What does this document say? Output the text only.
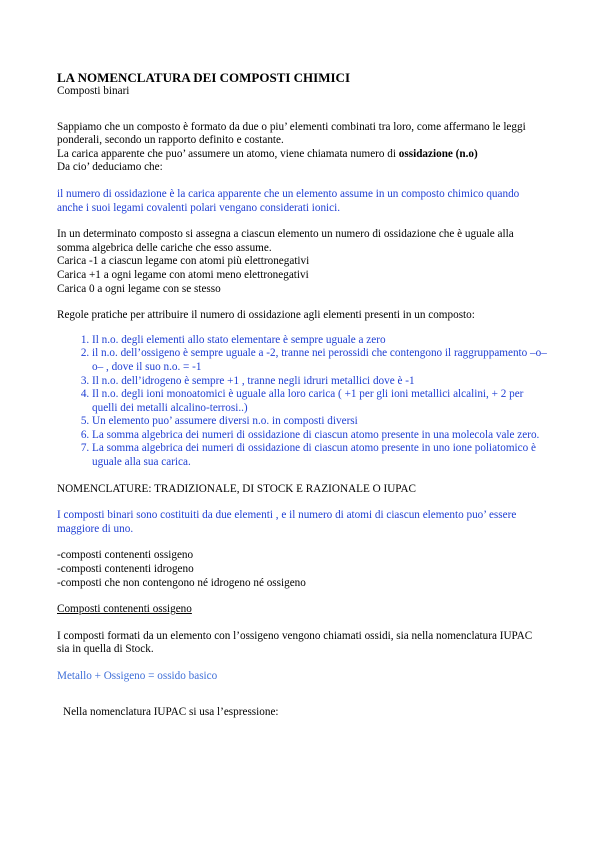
LA NOMENCLATURA DEI COMPOSTI CHIMICI

Composti binari

Sappiamo che un composto è formato da due o piu’ elementi combinati tra loro, come affermano le leggi ponderali, secondo un rapporto definito e costante.

La carica apparente che puo’ assumere un atomo, viene chiamata numero di ossidazione (n.o)

Da cio’ deduciamo che:

il numero di ossidazione è la carica apparente che un elemento assume in un composto chimico quando anche i suoi legami covalenti polari vengano considerati ionici.

In un determinato composto si assegna a ciascun elemento un numero di ossidazione che è uguale alla somma algebrica delle cariche che esso assume.

Carica -1 a ciascun legame con atomi più elettronegativi

Carica +1 a ogni legame con atomi meno elettronegativi

Carica 0 a ogni legame con se stesso

Regole pratiche per attribuire il numero di ossidazione agli elementi presenti in un composto:

1. Il n.o. degli elementi allo stato elementare è sempre uguale a zero
2. il n.o. dell’ossigeno è sempre uguale a -2, tranne nei perossidi che contengono il raggruppamento –o–o– , dove il suo n.o. = -1
3. Il n.o. dell’idrogeno è sempre +1 , tranne negli idruri metallici dove è -1
4. Il n.o. degli ioni monoatomici è uguale alla loro carica ( +1 per gli ioni metallici alcalini, + 2 per quelli dei metalli alcalino-terrosi..)
5. Un elemento puo’ assumere diversi n.o. in composti diversi
6. La somma algebrica dei numeri di ossidazione di ciascun atomo presente in una molecola vale zero.
7. La somma algebrica dei numeri di ossidazione di ciascun atomo presente in uno ione poliatomico è uguale alla sua carica.

NOMENCLATURE: TRADIZIONALE, DI STOCK E RAZIONALE O IUPAC

I composti binari sono costituiti da due elementi , e il numero di atomi di ciascun elemento puo’ essere maggiore di uno.

-composti contenenti ossigeno

-composti contenenti idrogeno

-composti che non contengono né idrogeno né ossigeno

Composti contenenti ossigeno

I composti formati da un elemento con l’ossigeno vengono chiamati ossidi, sia nella nomenclatura IUPAC sia in quella di Stock.

Metallo + Ossigeno = ossido basico

Nella nomenclatura IUPAC si usa l’espressione:
